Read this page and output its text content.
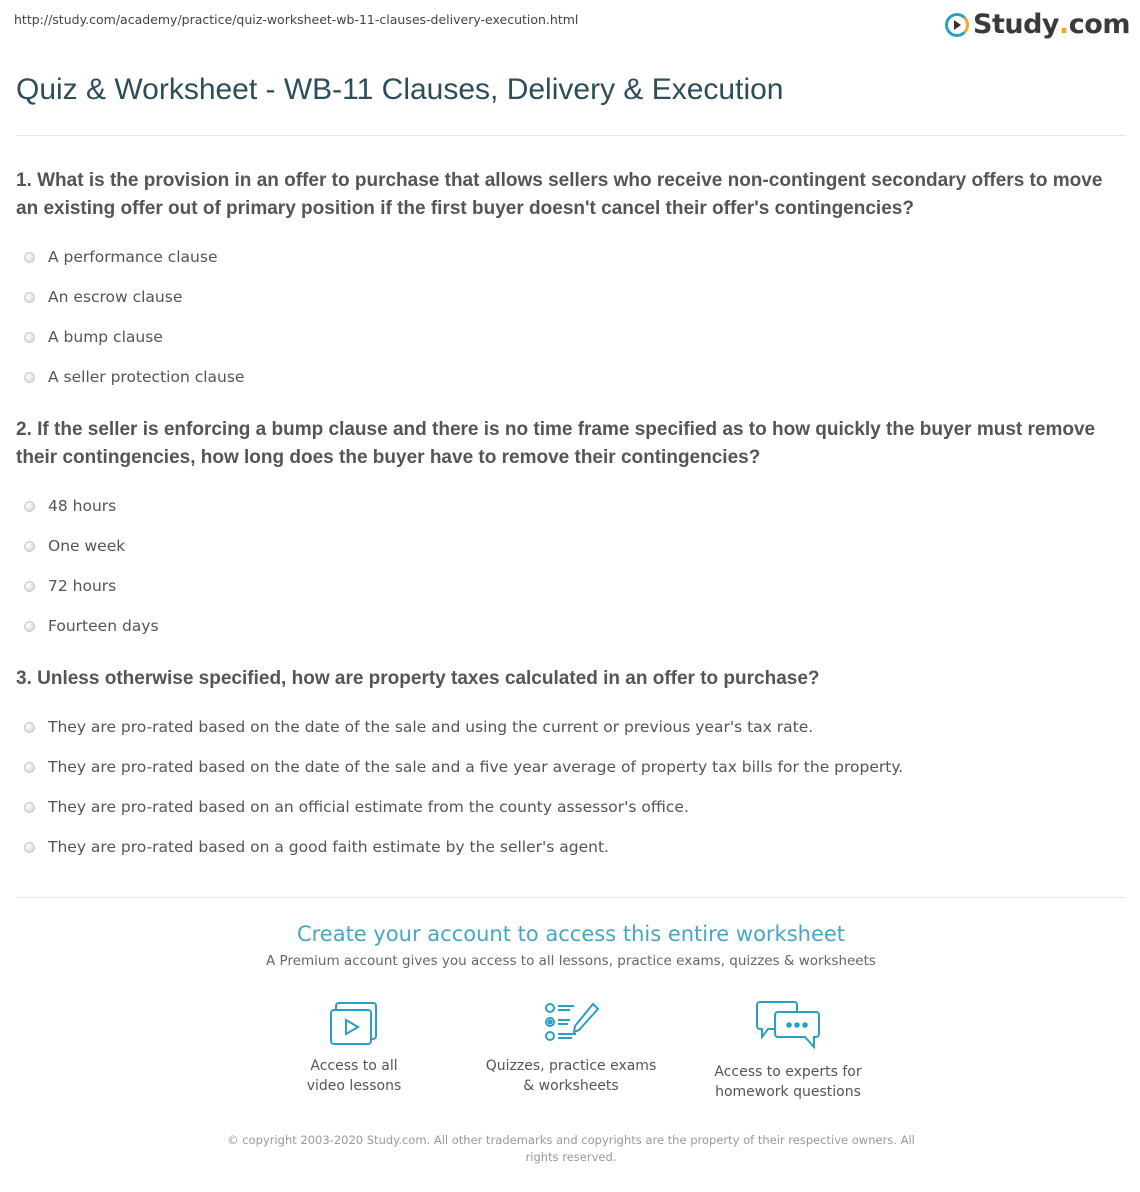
http://study.com/academy/practice/quiz-worksheet-wb-11-clauses-delivery-execution.html	Study . com
Quiz & Worksheet - WB-11 Clauses, Delivery & Execution
1. What is the provision in an offer to purchase that allows sellers who receive non-contingent secondary offers to move an existing offer out of primary position if the first buyer doesn't cancel their offer's contingencies?
A performance clause
An escrow clause
A bump clause
A seller protection clause
2. If the seller is enforcing a bump clause and there is no time frame specified as to how quickly the buyer must remove their contingencies, how long does the buyer have to remove their contingencies?
48 hours
One week
72 hours
Fourteen days
3. Unless otherwise specified, how are property taxes calculated in an offer to purchase?
They are pro-rated based on the date of the sale and using the current or previous year's tax rate.
They are pro-rated based on the date of the sale and a five year average of property tax bills for the property.
They are pro-rated based on an official estimate from the county assessor's office.
They are pro-rated based on a good faith estimate by the seller's agent.
Create your account to access this entire worksheet
A Premium account gives you access to all lessons, practice exams, quizzes & worksheets
Access to all
video lessons
Quizzes, practice exams
& worksheets
Access to experts for
homework questions
© copyright 2003-2020 Study.com. All other trademarks and copyrights are the property of their respective owners. All rights reserved.
